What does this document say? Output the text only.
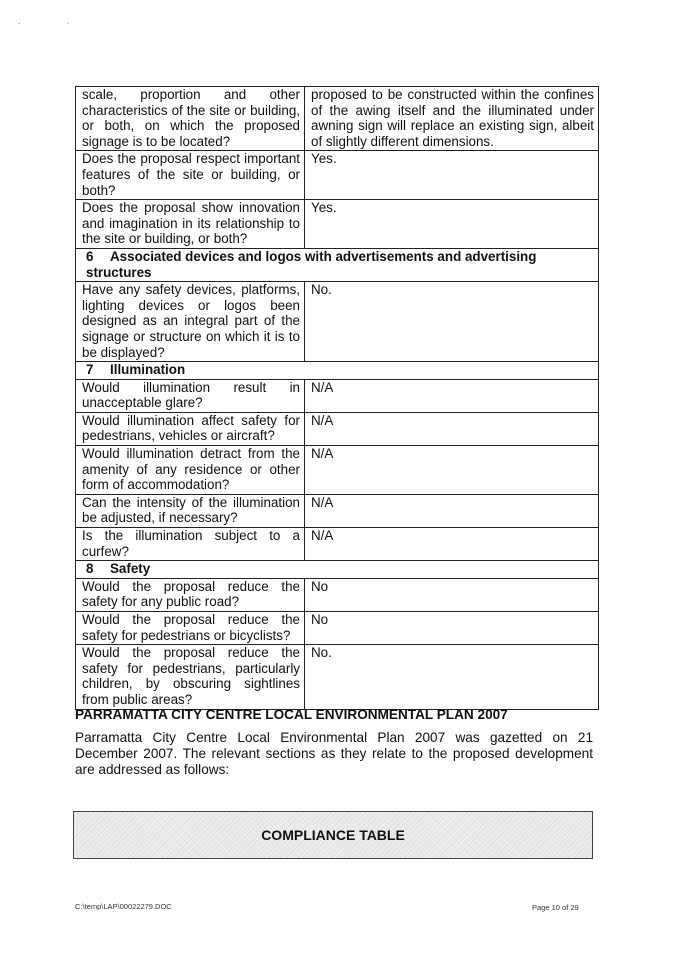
. .
scale, proportion and other characteristics of the site or building, or both, on which the proposed signage is to be located?	proposed to be constructed within the confines of the awing itself and the illuminated under awning sign will replace an existing sign, albeit of slightly different dimensions.
Does the proposal respect important features of the site or building, or both?	Yes.
Does the proposal show innovation and imagination in its relationship to the site or building, or both?	Yes.
6 Associated devices and logos with advertisements and advertising structures	
Have any safety devices, platforms, lighting devices or logos been designed as an integral part of the signage or structure on which it is to be displayed?	No.
7 Illumination	
Would illumination result in unacceptable glare?	N/A
Would illumination affect safety for pedestrians, vehicles or aircraft?	N/A
Would illumination detract from the amenity of any residence or other form of accommodation?	N/A
Can the intensity of the illumination be adjusted, if necessary?	N/A
Is the illumination subject to a curfew?	N/A
8 Safety	
Would the proposal reduce the safety for any public road?	No
Would the proposal reduce the safety for pedestrians or bicyclists?	No
Would the proposal reduce the safety for pedestrians, particularly children, by obscuring sightlines from public areas?	No.
PARRAMATTA CITY CENTRE LOCAL ENVIRONMENTAL PLAN 2007
Parramatta City Centre Local Environmental Plan 2007 was gazetted on 21 December 2007. The relevant sections as they relate to the proposed development are addressed as follows:
COMPLIANCE TABLE
C:\temp\LAP\00022279.DOC	Page 10 of 29
